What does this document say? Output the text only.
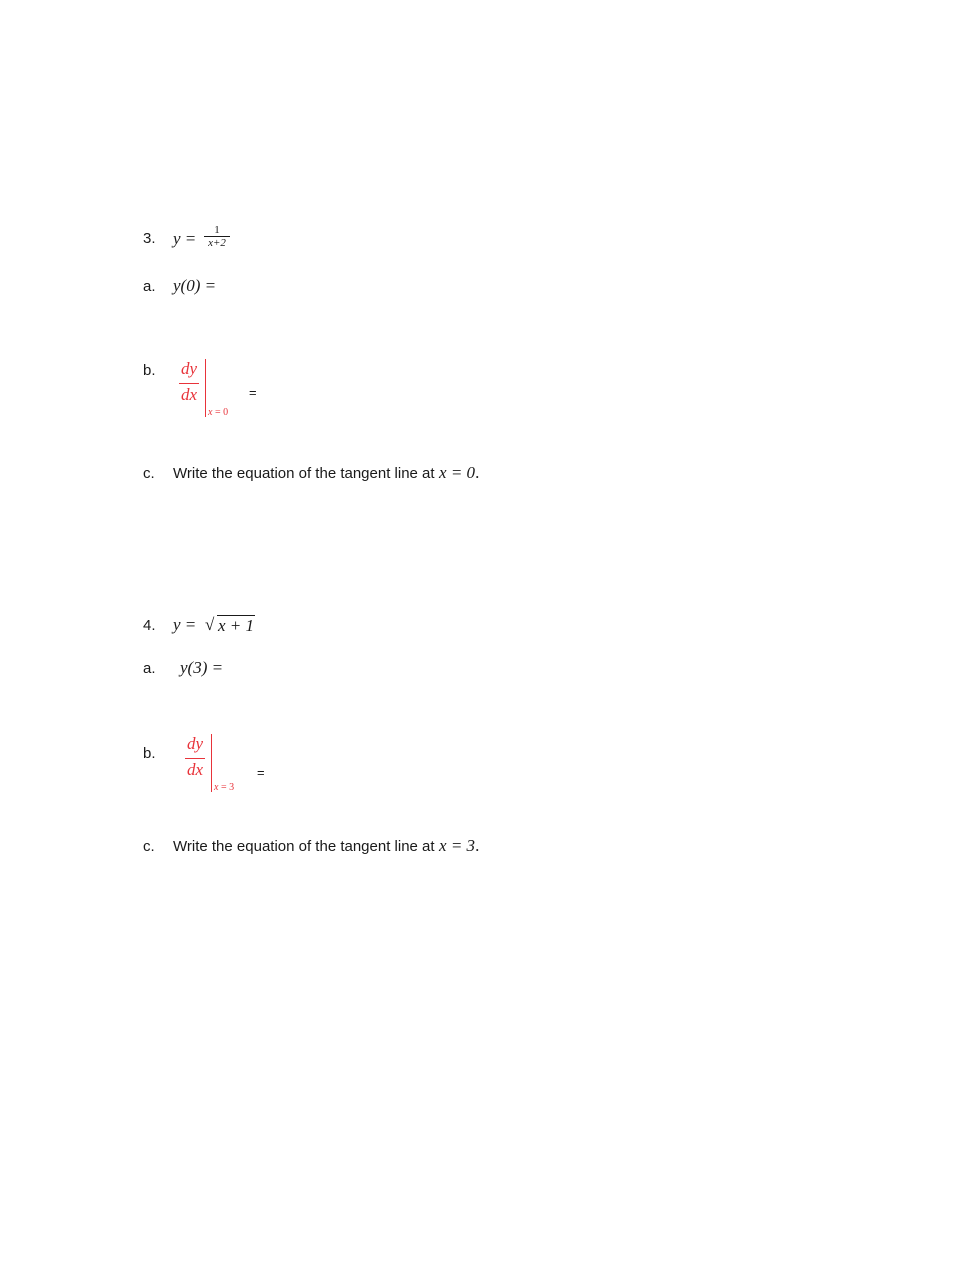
3. y =	1
x+2
a. y(0) =
b. dy
dx
x = 0
=
c. Write the equation of the tangent line at x = 0.
4. y = √ x + 1
a. y(3) =
b.
dy
dx
x = 3
=
c. Write the equation of the tangent line at x = 3.
